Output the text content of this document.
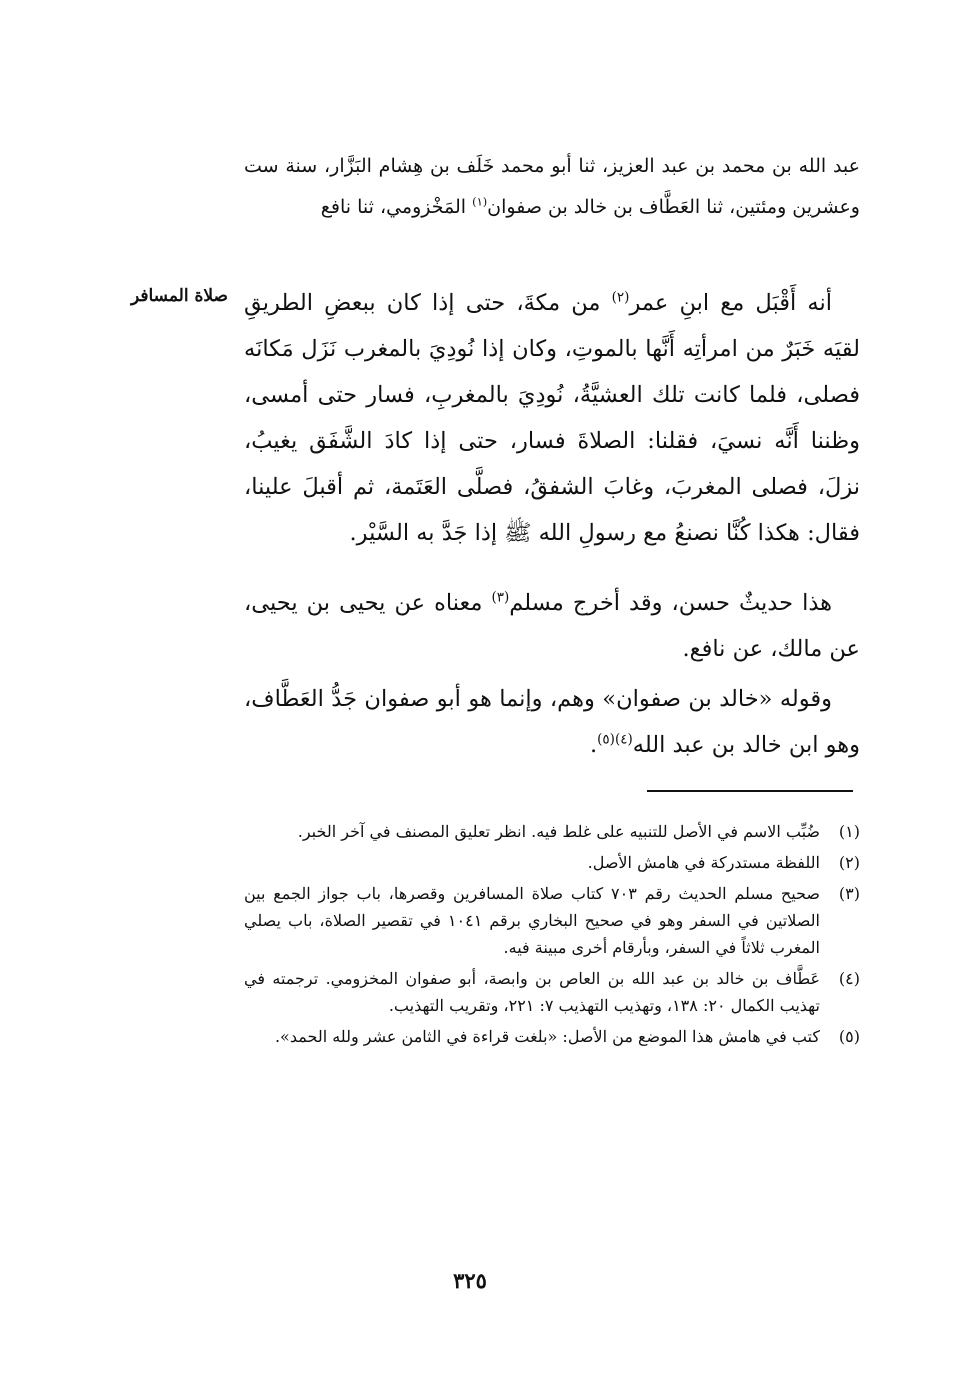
عبد الله بن محمد بن عبد العزيز، ثنا أبو محمد خَلَف بن هِشام البَزَّار، سنة ست وعشرين ومئتين، ثنا العَطَّاف بن خالد بن صفوان$^{(١)}$ المَخْزومي، ثنا نافع

صلاة المسافر	أنه أَقْبَل مع ابنِ عمر$^{(٢)}$ من مكةَ، حتى إذا كان ببعضِ الطريقِ لقيَه خَبَرٌ من امرأتِه أَنَّها بالموتِ، وكان إذا نُودِيَ بالمغرب نَزَل مَكانَه فصلى، فلما كانت تلك العشيَّةُ، نُودِيَ بالمغربِ، فسار حتى أمسى، وظننا أَنَّه نسيَ، فقلنا: الصلاةَ فسار، حتى إذا كادَ الشَّفَق يغيبُ، نزلَ، فصلى المغربَ، وغابَ الشفقُ، فصلَّى العَتَمة، ثم أقبلَ علينا، فقال: هكذا كُنَّا نصنعُ مع رسولِ الله ﷺ إذا جَدَّ به السَّيْر.

هذا حديثٌ حسن، وقد أخرج مسلم$^{(٣)}$ معناه عن يحيى بن يحيى، عن مالك، عن نافع.

وقوله «خالد بن صفوان» وهم، وإنما هو أبو صفوان جَدُّ العَطَّاف، وهو ابن خالد بن عبد الله$^{(٤)(٥)}$.

(١)
ضُبِّب الاسم في الأصل للتنبيه على غلط فيه. انظر تعليق المصنف في آخر الخبر.
(٢)
اللفظة مستدركة في هامش الأصل.
(٣)
صحيح مسلم الحديث رقم ٧٠٣ كتاب صلاة المسافرين وقصرها، باب جواز الجمع بين الصلاتين في السفر وهو في صحيح البخاري برقم ١٠٤١ في تقصير الصلاة، باب يصلي المغرب ثلاثاً في السفر، وبأرقام أخرى مبينة فيه.
(٤)
عَطَّاف بن خالد بن عبد الله بن العاص بن وابصة، أبو صفوان المخزومي. ترجمته في تهذيب الكمال ٢٠: ١٣٨، وتهذيب التهذيب ٧: ٢٢١، وتقريب التهذيب.
(٥)
كتب في هامش هذا الموضع من الأصل: «بلغت قراءة في الثامن عشر ولله الحمد».
٣٢٥
